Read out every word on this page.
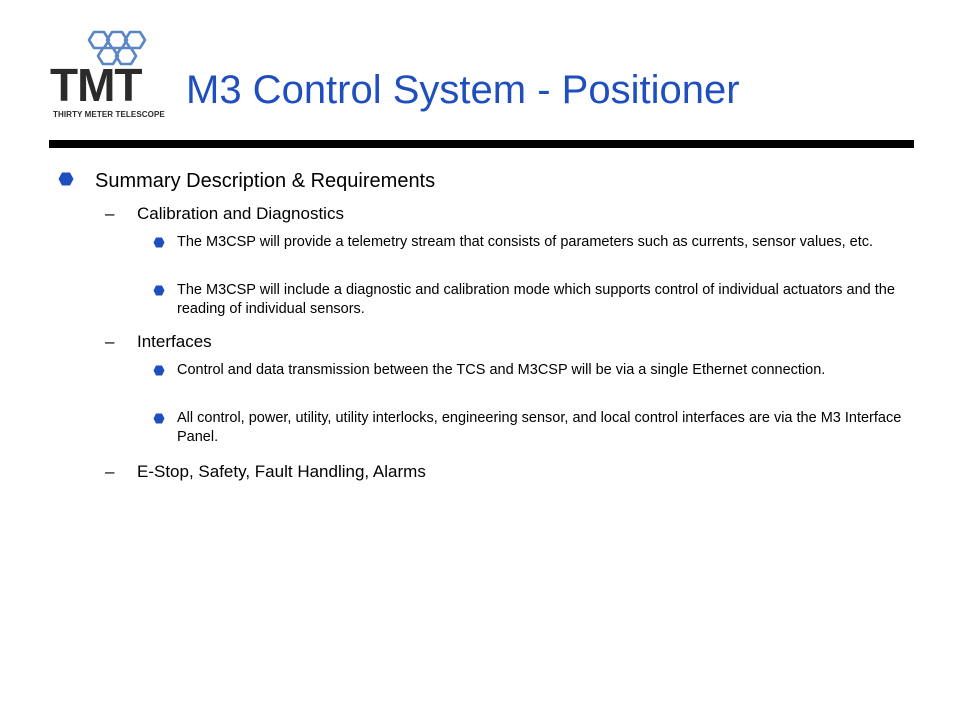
TMT
THIRTY METER TELESCOPE
M3 Control System - Positioner
Summary Description & Requirements
– Calibration and Diagnostics
The M3CSP will provide a telemetry stream that consists of parameters such as currents, sensor values, etc.
The M3CSP will include a diagnostic and calibration mode which supports control of individual actuators and the reading of individual sensors.
– Interfaces
Control and data transmission between the TCS and M3CSP will be via a single Ethernet connection.
All control, power, utility, utility interlocks, engineering sensor, and local control interfaces are via the M3 Interface Panel.
– E-Stop, Safety, Fault Handling, Alarms
